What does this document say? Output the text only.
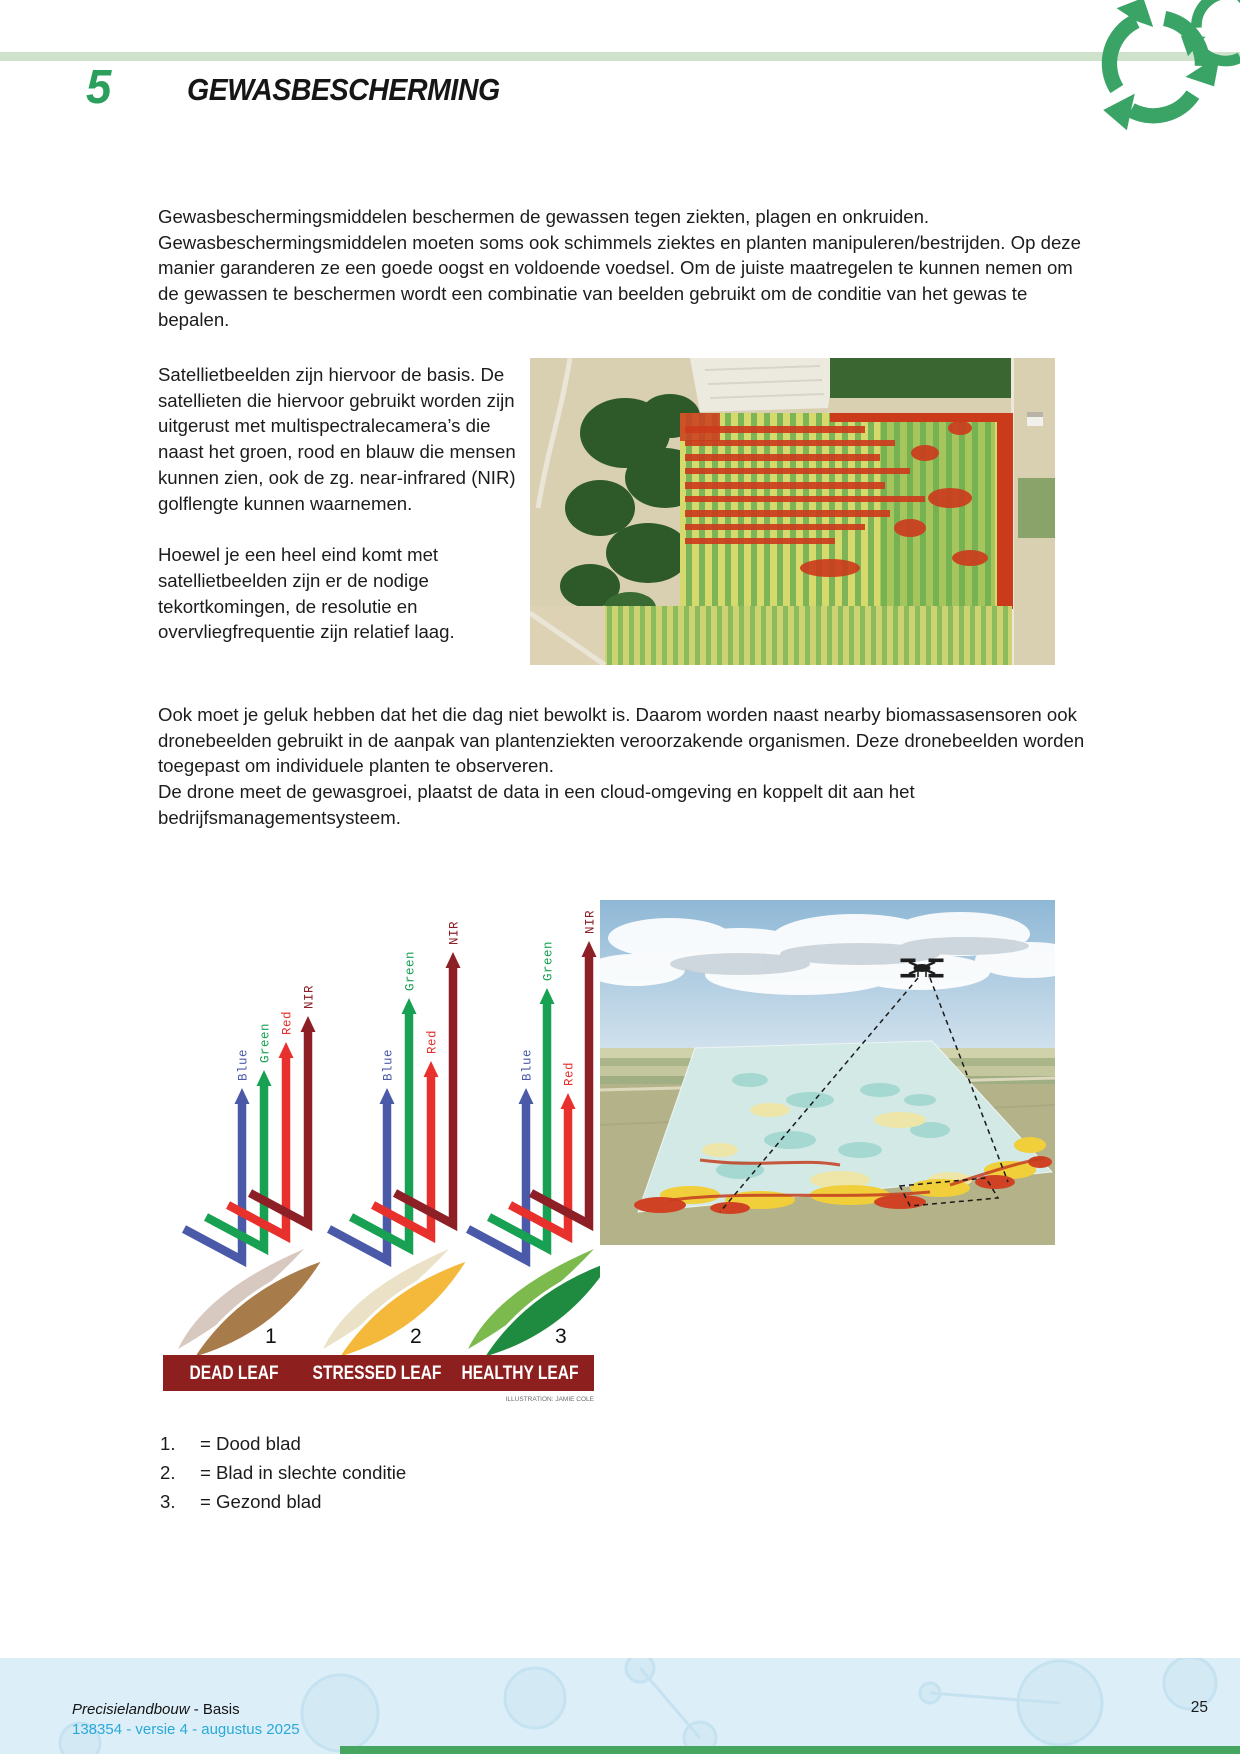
5 GEWASBESCHERMING

Gewasbeschermingsmiddelen beschermen de gewassen tegen ziekten, plagen en onkruiden. Gewasbeschermingsmiddelen moeten soms ook schimmels ziektes en planten manipuleren/bestrijden. Op deze manier garanderen ze een goede oogst en voldoende voedsel. Om de juiste maatregelen te kunnen nemen om de gewassen te beschermen wordt een combinatie van beelden gebruikt om de conditie van het gewas te bepalen.

Satellietbeelden zijn hiervoor de basis. De satellieten die hiervoor gebruikt worden zijn uitgerust met multispectralecamera’s die naast het groen, rood en blauw die mensen kunnen zien, ook de zg. near-infrared (NIR) golflengte kunnen waarnemen.

Hoewel je een heel eind komt met satellietbeelden zijn er de nodige tekortkomingen, de resolutie en overvliegfrequentie zijn relatief laag.

Ook moet je geluk hebben dat het die dag niet bewolkt is. Daarom worden naast nearby biomassasensoren ook dronebeelden gebruikt in de aanpak van plantenziekten veroorzakende organismen. Deze dronebeelden worden toegepast om individuele planten te observeren.

De drone meet de gewasgroei, plaatst de data in een cloud-omgeving en koppelt dit aan het bedrijfsmanagementsysteem.

Blue
Green Red
NIR
Blue
Green
Red
NIR
Blue
Green
Red
NIR
1	2	3
DEAD LEAF STRESSED LEAF HEALTHY LEAF
ILLUSTRATION: JAMIE COLE
1.	= Dood blad
2.	= Blad in slechte conditie
3.	= Gezond blad
Precisielandbouw - Basis
138354 - versie 4 - augustus 2025
25
